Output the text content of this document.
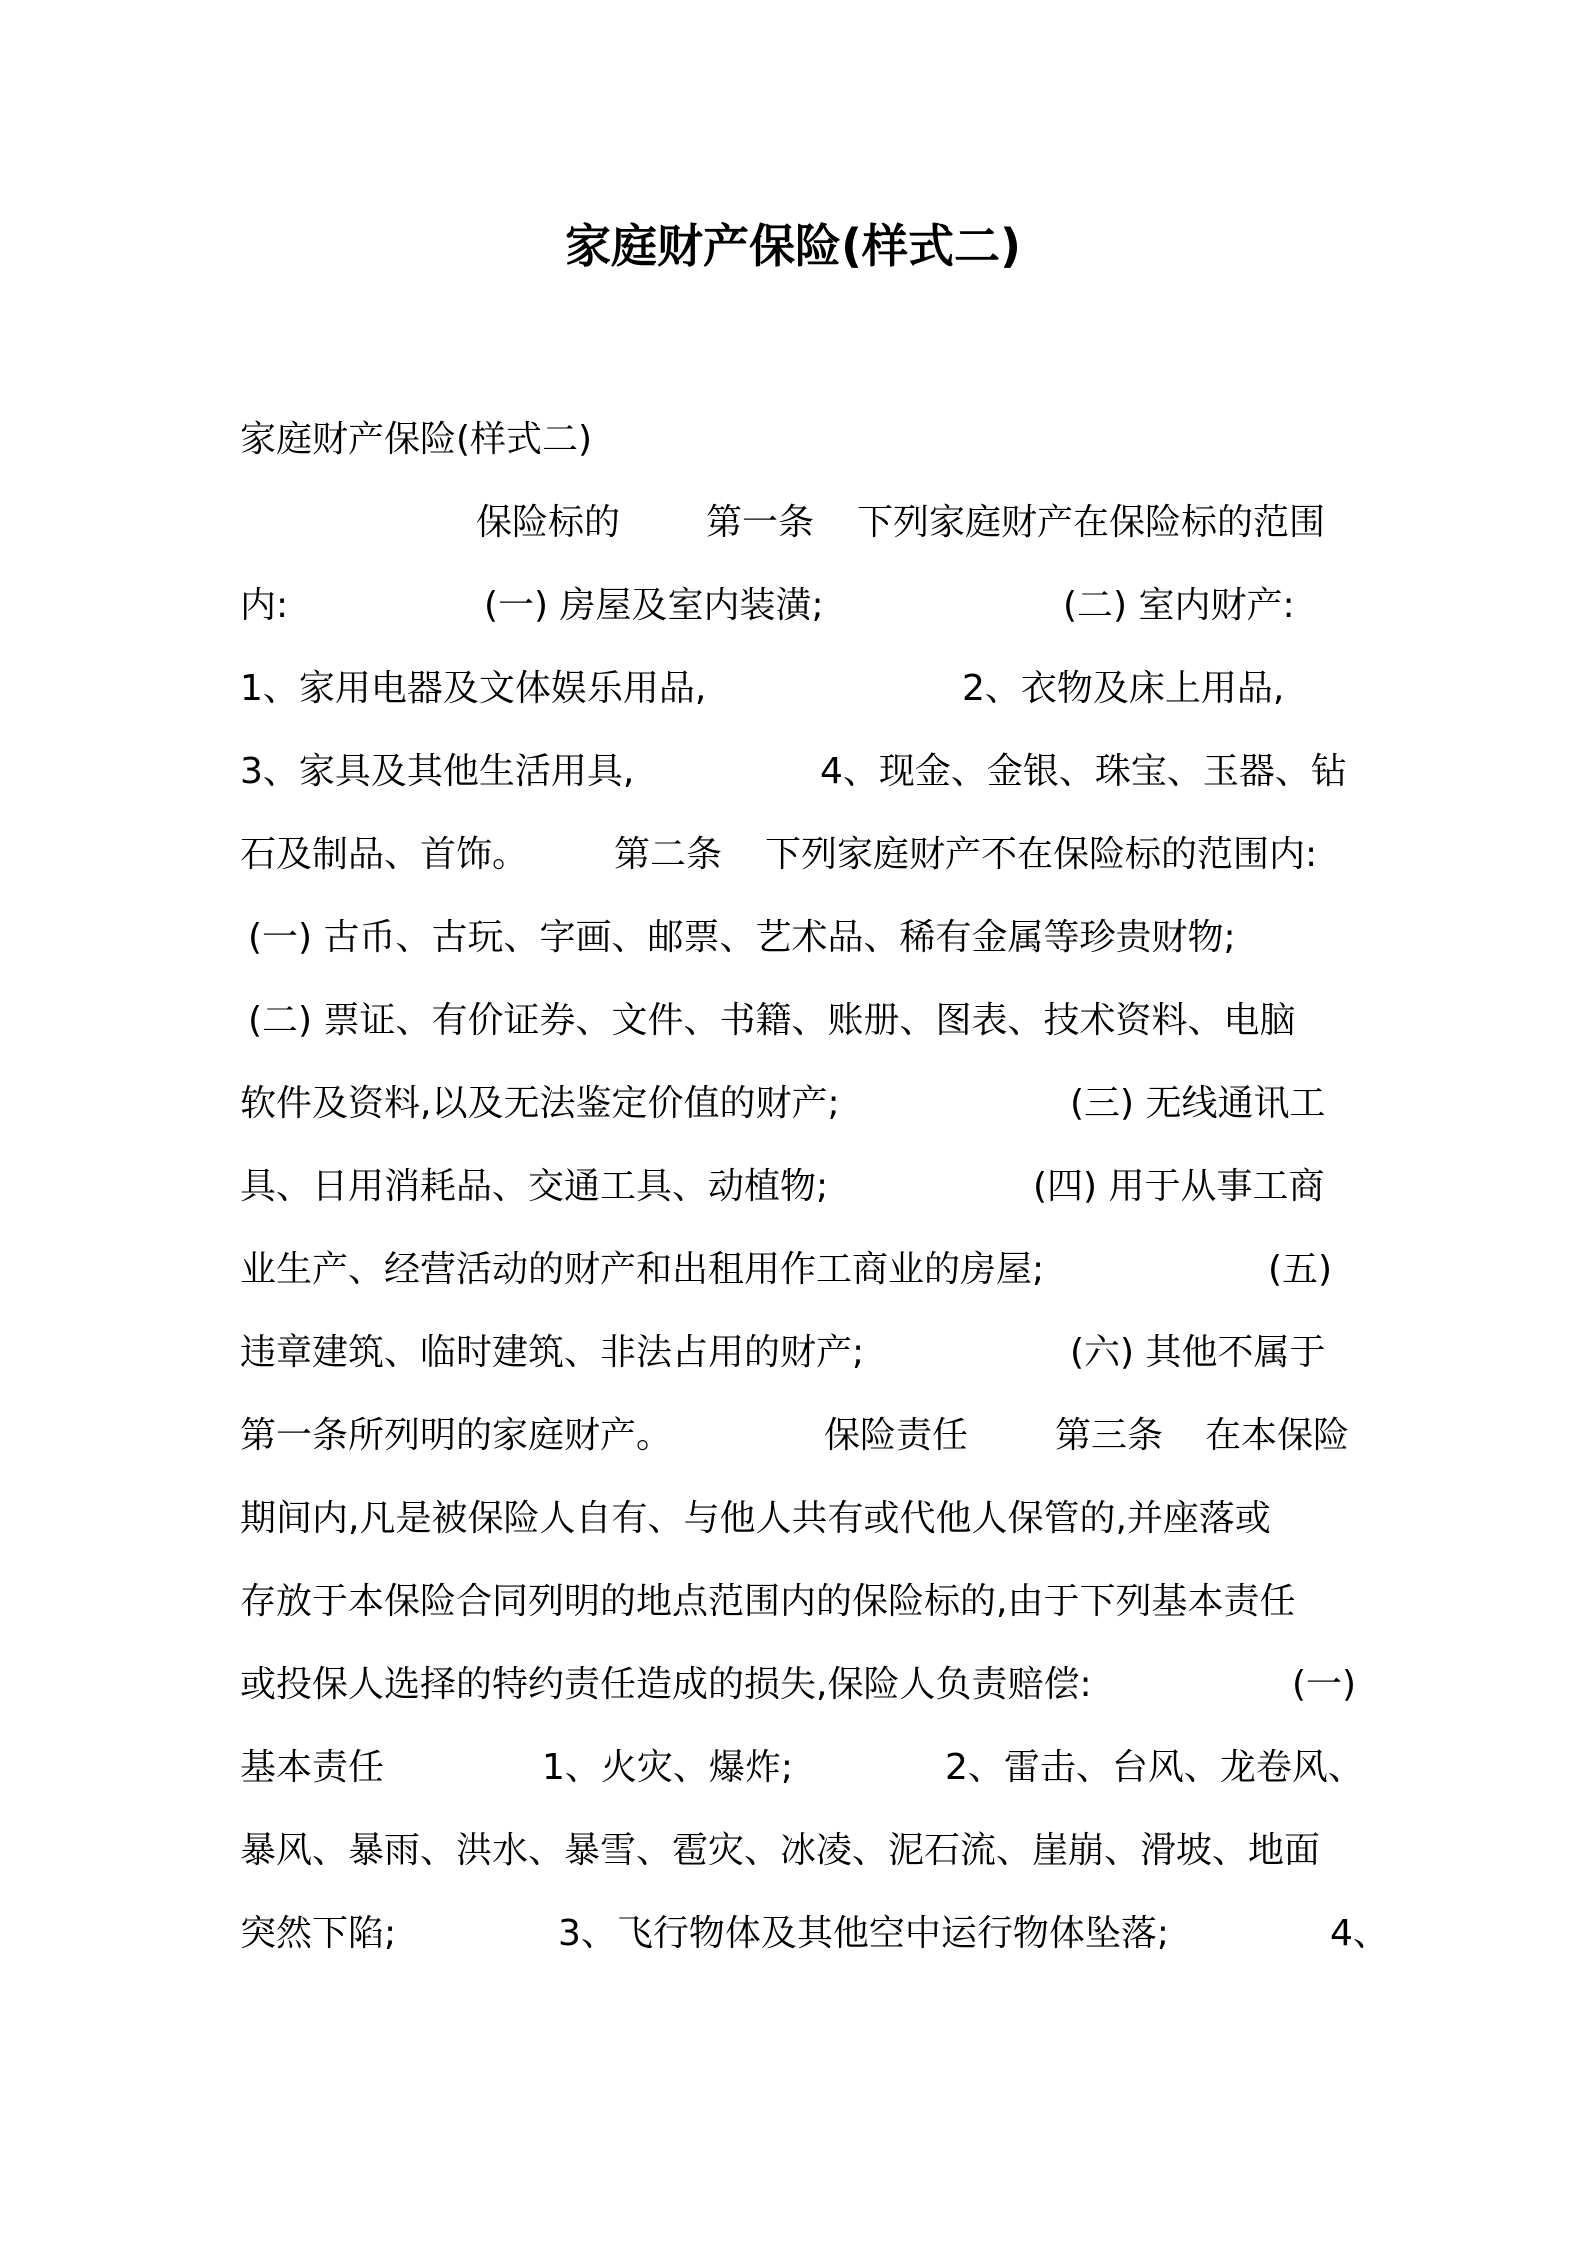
家庭财产保险(样式二)
家庭财产保险(样式二)
保险标的 第一条 下列家庭财产在保险标的范围
内:	(一) 房屋及室内装潢;	(二) 室内财产:
1、家用电器及文体娱乐用品,	2、衣物及床上用品,
3、家具及其他生活用具,	4、现金、金银、珠宝、玉器、钻
石及制品、首饰。 第二条 下列家庭财产不在保险标的范围内:
(一) 古币、古玩、字画、邮票、艺术品、稀有金属等珍贵财物;
(二) 票证、有价证券、文件、书籍、账册、图表、技术资料、电脑
软件及资料,以及无法鉴定价值的财产;	(三) 无线通讯工
具、日用消耗品、交通工具、动植物;	(四) 用于从事工商
业生产、经营活动的财产和出租用作工商业的房屋;	(五)
违章建筑、临时建筑、非法占用的财产;	(六) 其他不属于
第一条所列明的家庭财产。	保险责任 第三条 在本保险
期间内,凡是被保险人自有、与他人共有或代他人保管的,并座落或
存放于本保险合同列明的地点范围内的保险标的,由于下列基本责任
或投保人选择的特约责任造成的损失,保险人负责赔偿:	(一)
基本责任	1、火灾、爆炸;	2、雷击、台风、龙卷风、
暴风、暴雨、洪水、暴雪、雹灾、冰凌、泥石流、崖崩、滑坡、地面
突然下陷;	3、飞行物体及其他空中运行物体坠落;	4、
